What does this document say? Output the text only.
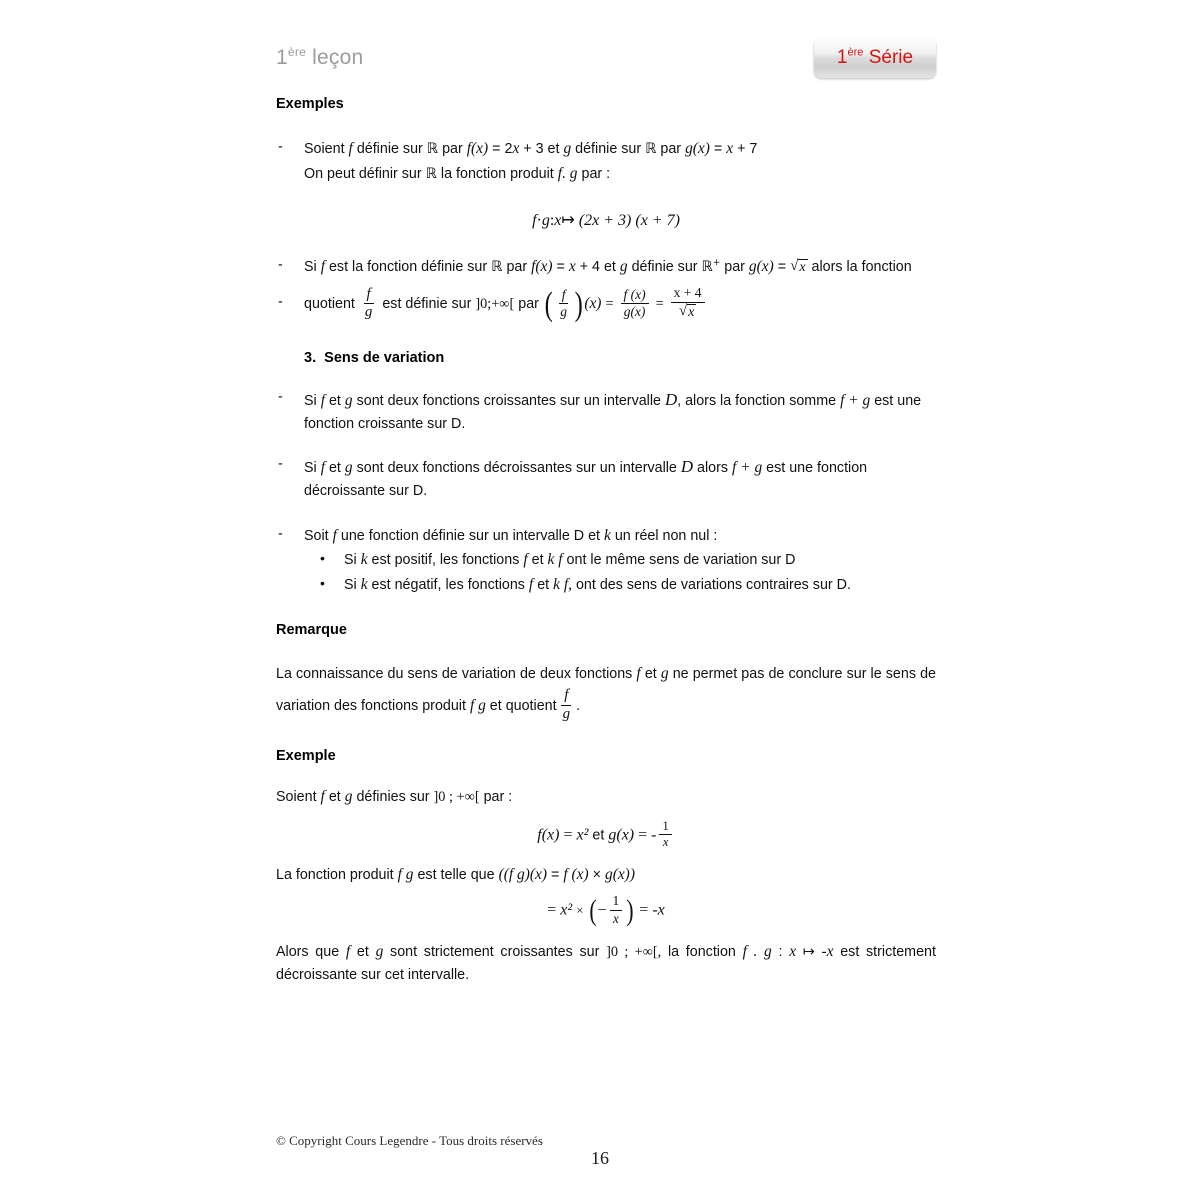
1ère leçon	1ère Série

Exemples

- Soient f définie sur ℝ par f(x) = 2x + 3 et g définie sur ℝ par g(x) = x + 7
On peut définir sur ℝ la fonction produit f. g par :
f·g:x↦ (2x + 3) (x + 7)
- Si f est la fonction définie sur ℝ par f(x) = x + 4 et g définie sur ℝ+ par g(x) = √ x alors la fonction
- quotient $\frac{f}{g}$ est définie sur ]0;+∞[ par ( $\frac{f}{g}$ ) $(x) = \frac{f (x)}{g(x)} = \frac{x + 4}{√ x}$

3. Sens de variation

- Si f et g sont deux fonctions croissantes sur un intervalle D, alors la fonction somme f + g est une fonction croissante sur D.
- Si f et g sont deux fonctions décroissantes sur un intervalle D alors f + g est une fonction décroissante sur D.
- Soit f une fonction définie sur un intervalle D et k un réel non nul :
• Si k est positif, les fonctions f et k f ont le même sens de variation sur D
• Si k est négatif, les fonctions f et k f, ont des sens de variations contraires sur D.

Remarque

La connaissance du sens de variation de deux fonctions f et g ne permet pas de conclure sur le sens de variation des fonctions produit f g et quotient $\frac{f}{g}$ .

Exemple

Soient f et g définies sur ]0 ; +∞[ par :

f(x) = x² et g(x) = - $\frac{1}{x}$

La fonction produit f g est telle que ((f g)(x) = f (x) × g(x))

= x² × ( − $\frac{1}{x}$ ) = -x

Alors que f et g sont strictement croissantes sur ]0 ; +∞[, la fonction f . g : x ↦ -x est strictement décroissante sur cet intervalle.

© Copyright Cours Legendre - Tous droits réservés
16
